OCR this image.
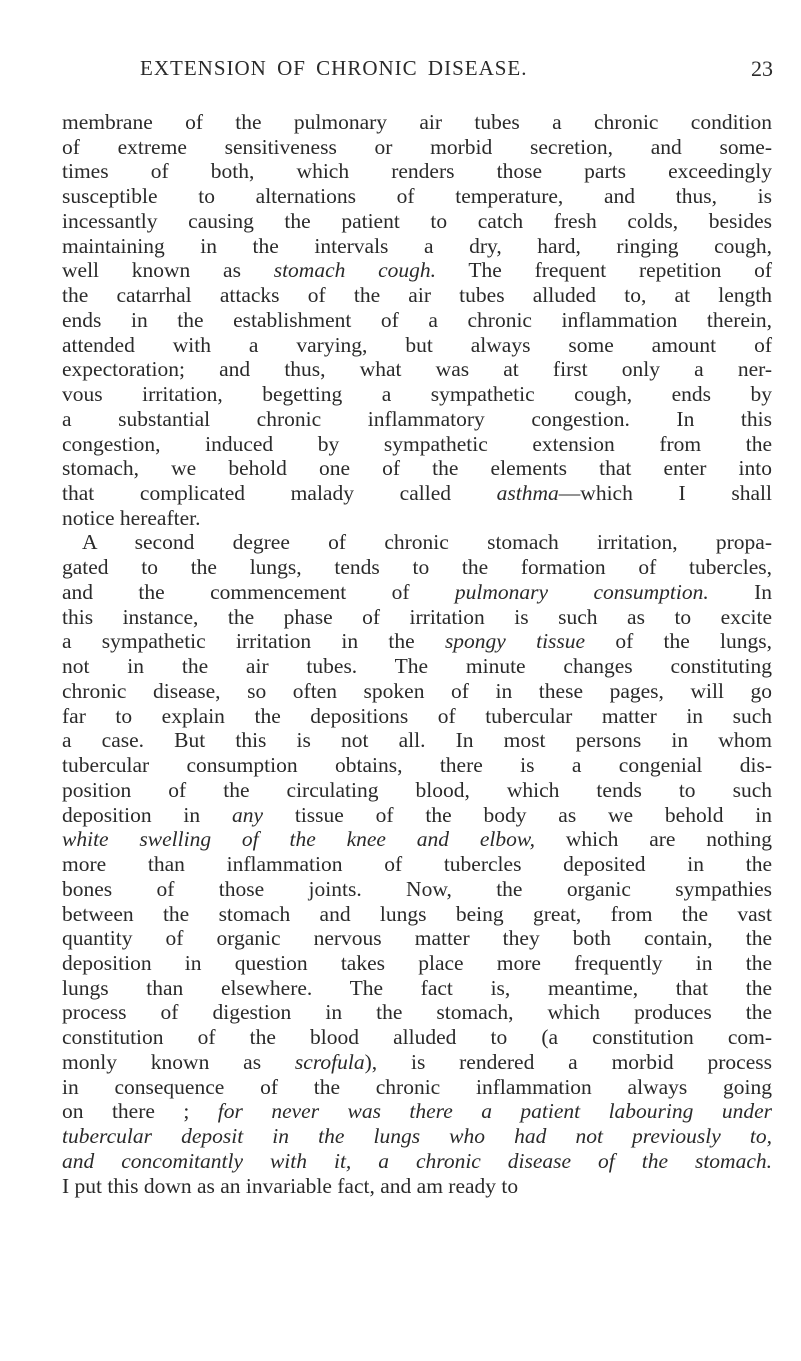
EXTENSION OF CHRONIC DISEASE.	23
membrane of the pulmonary air tubes a chronic condition
of extreme sensitiveness or morbid secretion, and some-
times of both, which renders those parts exceedingly
susceptible to alternations of temperature, and thus, is
incessantly causing the patient to catch fresh colds, besides
maintaining in the intervals a dry, hard, ringing cough,
well known as stomach cough. The frequent repetition of
the catarrhal attacks of the air tubes alluded to, at length
ends in the establishment of a chronic inflammation therein,
attended with a varying, but always some amount of
expectoration; and thus, what was at first only a ner-
vous irritation, begetting a sympathetic cough, ends by
a substantial chronic inflammatory congestion. In this
congestion, induced by sympathetic extension from the
stomach, we behold one of the elements that enter into
that complicated malady called asthma—which I shall
notice hereafter.
A second degree of chronic stomach irritation, propa-
gated to the lungs, tends to the formation of tubercles,
and the commencement of pulmonary consumption. In
this instance, the phase of irritation is such as to excite
a sympathetic irritation in the spongy tissue of the lungs,
not in the air tubes. The minute changes constituting
chronic disease, so often spoken of in these pages, will go
far to explain the depositions of tubercular matter in such
a case. But this is not all. In most persons in whom
tubercular consumption obtains, there is a congenial dis-
position of the circulating blood, which tends to such
deposition in any tissue of the body as we behold in
white swelling of the knee and elbow, which are nothing
more than inflammation of tubercles deposited in the
bones of those joints. Now, the organic sympathies
between the stomach and lungs being great, from the vast
quantity of organic nervous matter they both contain, the
deposition in question takes place more frequently in the
lungs than elsewhere. The fact is, meantime, that the
process of digestion in the stomach, which produces the
constitution of the blood alluded to (a constitution com-
monly known as scrofula), is rendered a morbid process
in consequence of the chronic inflammation always going
on there ; for never was there a patient labouring under
tubercular deposit in the lungs who had not previously to,
and concomitantly with it, a chronic disease of the stomach.
I put this down as an invariable fact, and am ready to
